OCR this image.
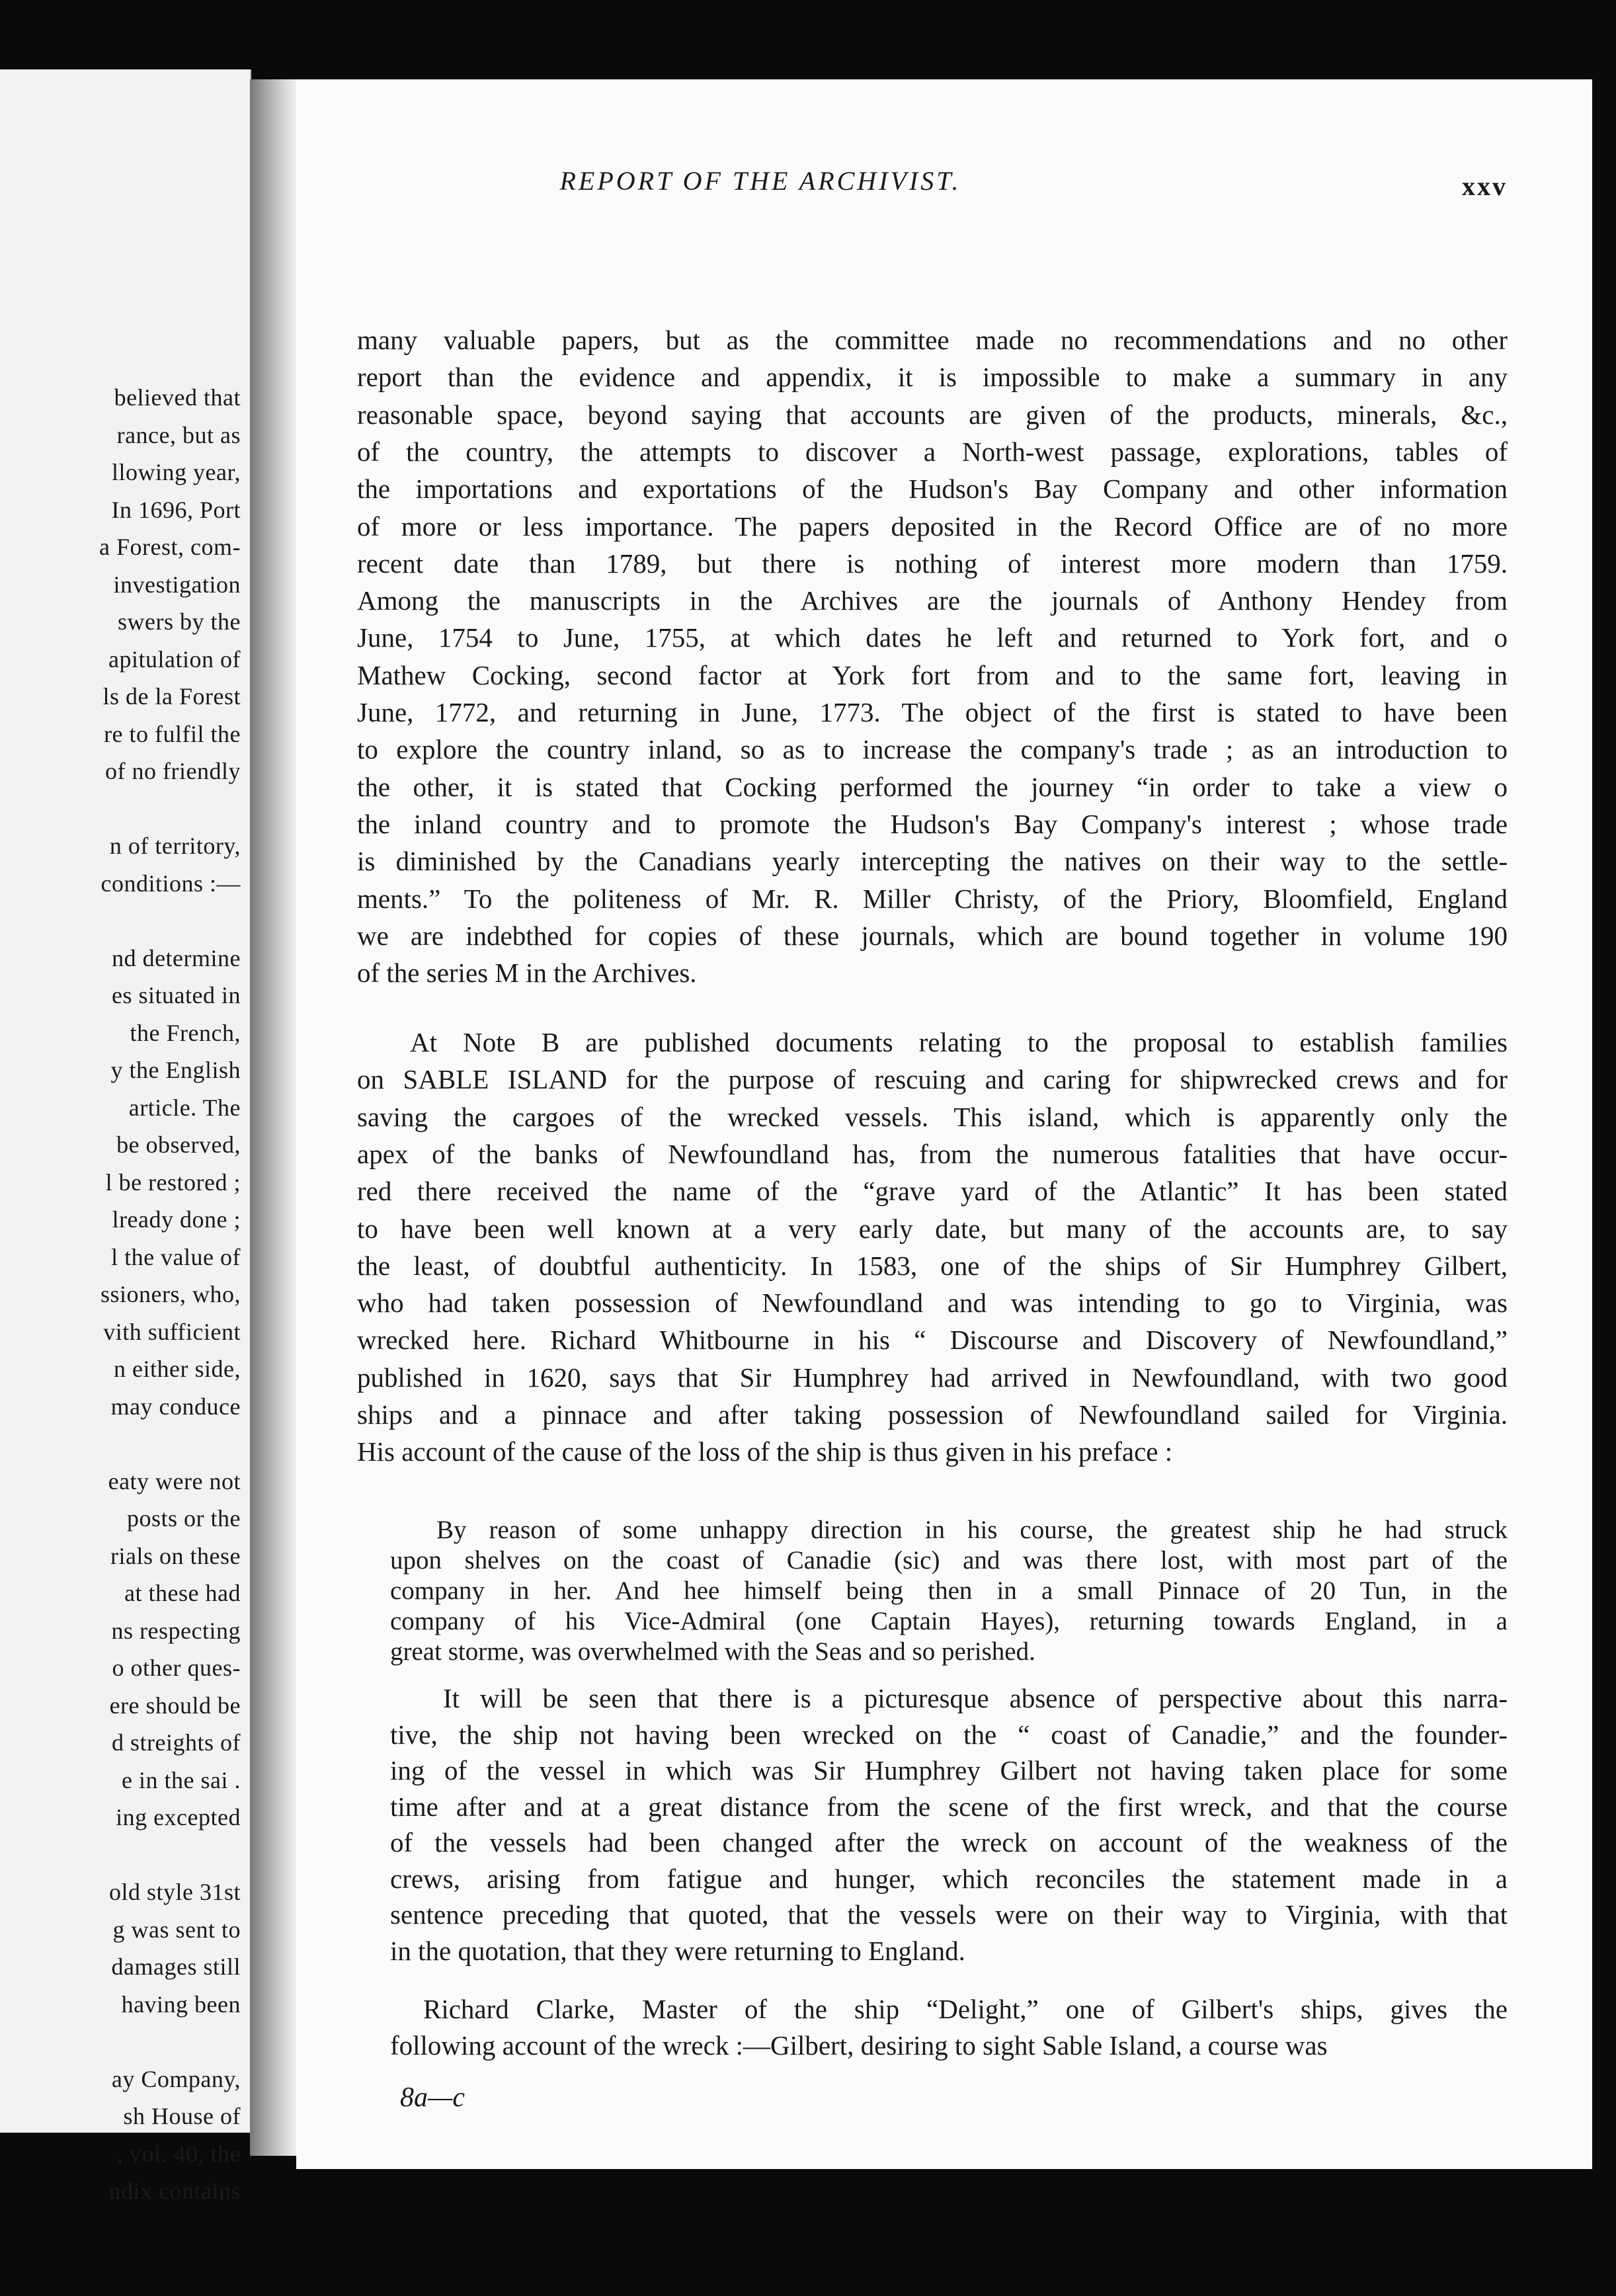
believed that
rance, but as
llowing year,
In 1696, Port
a Forest, com-
investigation
swers by the
apitulation of
ls de la Forest
re to fulfil the
of no friendly
n of territory,
conditions :—
nd determine
es situated in
the French,
y the English
article. The
be observed,
l be restored ;
lready done ;
l the value of
ssioners, who,
vith sufficient
n either side,
may conduce
eaty were not
posts or the
rials on these
at these had
ns respecting
o other ques-
ere should be
d streights of
e in the sai .
ing excepted
old style 31st
g was sent to
damages still
having been
ay Company,
sh House of
, vol. 40, the
ndix contains
REPORT OF THE ARCHIVIST.	xxv
many valuable papers, but as the committee made no recommendations and no other
report than the evidence and appendix, it is impossible to make a summary in any
reasonable space, beyond saying that accounts are given of the products, minerals, &c.,
of the country, the attempts to discover a North-west passage, explorations, tables of
the importations and exportations of the Hudson's Bay Company and other information
of more or less importance. The papers deposited in the Record Office are of no more
recent date than 1789, but there is nothing of interest more modern than 1759.
Among the manuscripts in the Archives are the journals of Anthony Hendey from
June, 1754 to June, 1755, at which dates he left and returned to York fort, and o
Mathew Cocking, second factor at York fort from and to the same fort, leaving in
June, 1772, and returning in June, 1773. The object of the first is stated to have been
to explore the country inland, so as to increase the company's trade ; as an introduction to
the other, it is stated that Cocking performed the journey “in order to take a view o
the inland country and to promote the Hudson's Bay Company's interest ; whose trade
is diminished by the Canadians yearly intercepting the natives on their way to the settle-
ments.” To the politeness of Mr. R. Miller Christy, of the Priory, Bloomfield, England
we are indebthed for copies of these journals, which are bound together in volume 190
of the series M in the Archives.
At Note B are published documents relating to the proposal to establish families
on SABLE ISLAND for the purpose of rescuing and caring for shipwrecked crews and for
saving the cargoes of the wrecked vessels. This island, which is apparently only the
apex of the banks of Newfoundland has, from the numerous fatalities that have occur-
red there received the name of the “grave yard of the Atlantic” It has been stated
to have been well known at a very early date, but many of the accounts are, to say
the least, of doubtful authenticity. In 1583, one of the ships of Sir Humphrey Gilbert,
who had taken possession of Newfoundland and was intending to go to Virginia, was
wrecked here. Richard Whitbourne in his “ Discourse and Discovery of Newfoundland,”
published in 1620, says that Sir Humphrey had arrived in Newfoundland, with two good
ships and a pinnace and after taking possession of Newfoundland sailed for Virginia.
His account of the cause of the loss of the ship is thus given in his preface :
By reason of some unhappy direction in his course, the greatest ship he had struck
upon shelves on the coast of Canadie (sic) and was there lost, with most part of the
company in her. And hee himself being then in a small Pinnace of 20 Tun, in the
company of his Vice-Admiral (one Captain Hayes), returning towards England, in a
great storme, was overwhelmed with the Seas and so perished.
It will be seen that there is a picturesque absence of perspective about this narra-
tive, the ship not having been wrecked on the “ coast of Canadie,” and the founder-
ing of the vessel in which was Sir Humphrey Gilbert not having taken place for some
time after and at a great distance from the scene of the first wreck, and that the course
of the vessels had been changed after the wreck on account of the weakness of the
crews, arising from fatigue and hunger, which reconciles the statement made in a
sentence preceding that quoted, that the vessels were on their way to Virginia, with that
in the quotation, that they were returning to England.
Richard Clarke, Master of the ship “Delight,” one of Gilbert's ships, gives the
following account of the wreck :—Gilbert, desiring to sight Sable Island, a course was
8a—c
